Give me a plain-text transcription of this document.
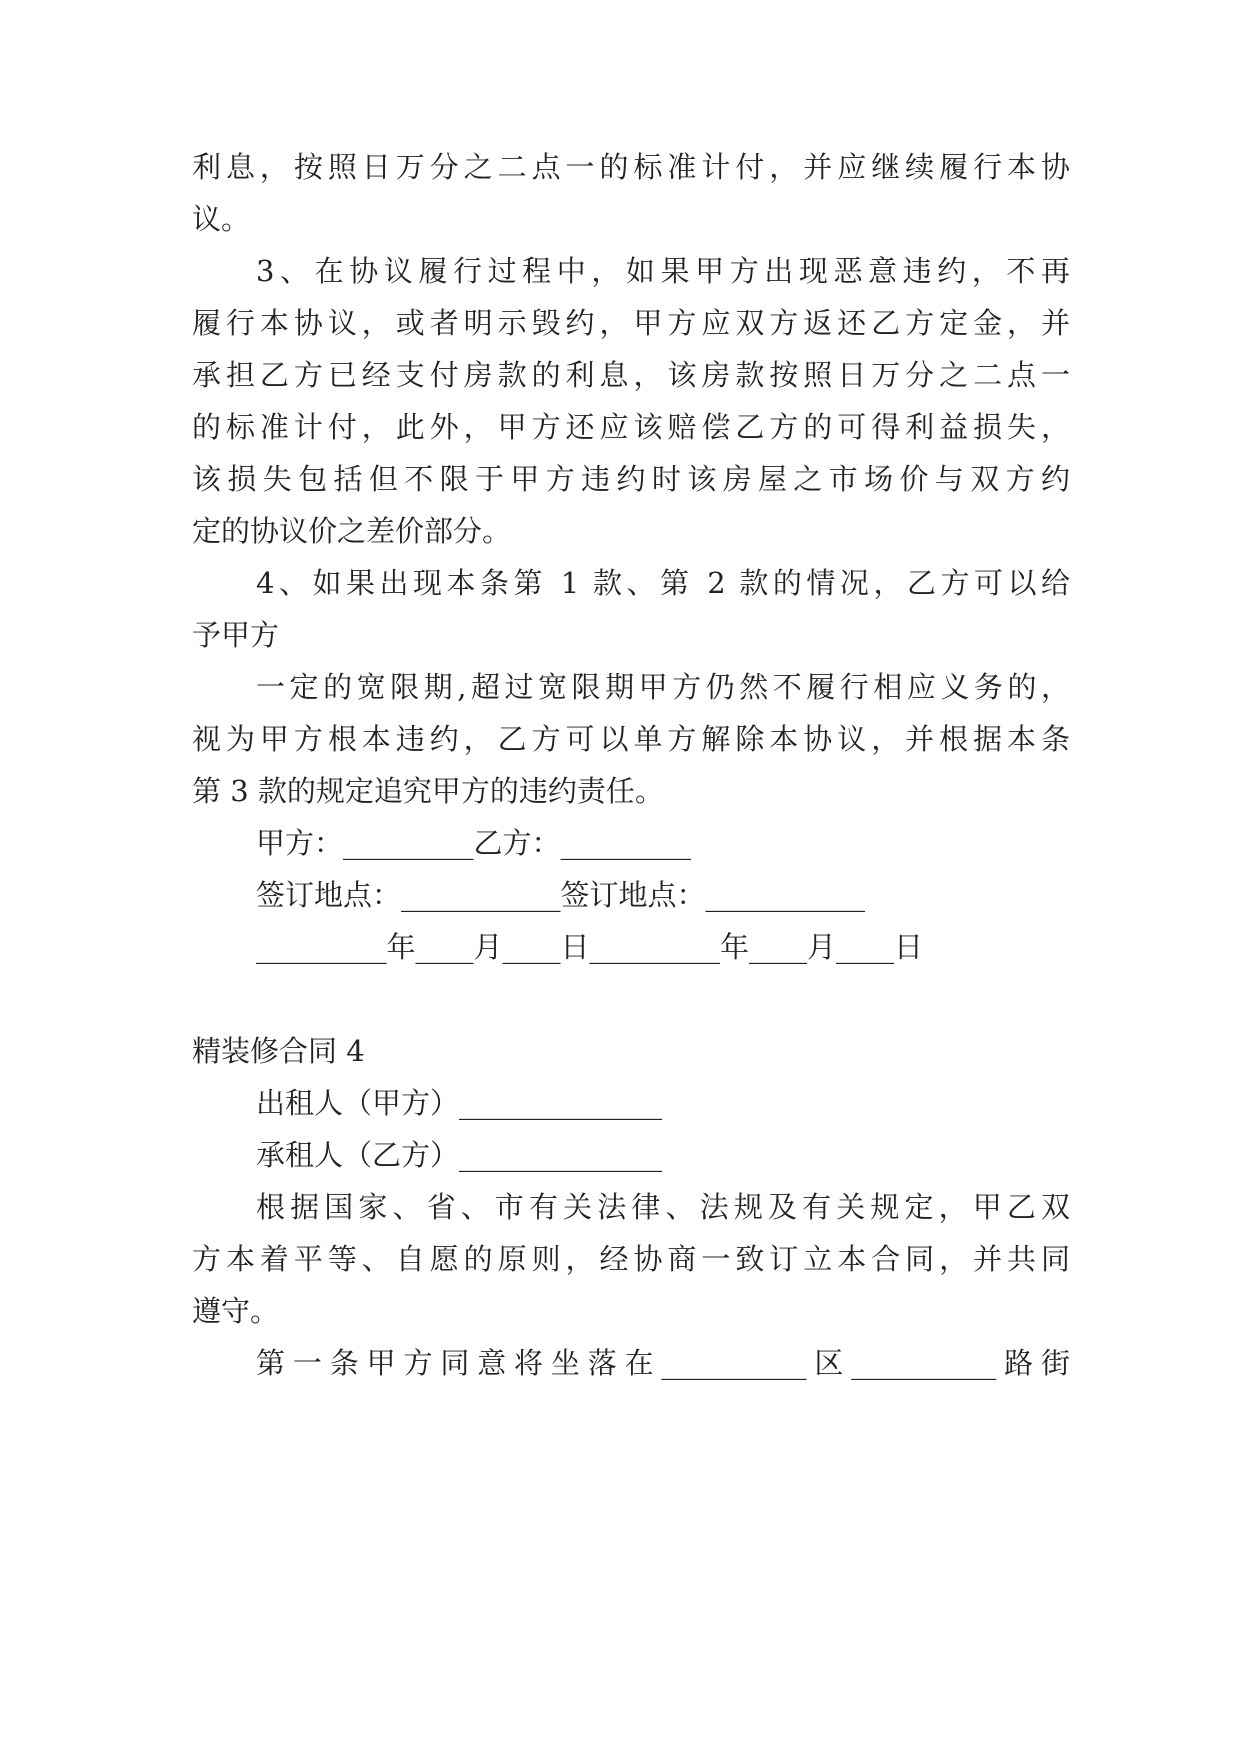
利息，按照日万分之二点一的标准计付，并应继续履行本协

议。

3、在协议履行过程中，如果甲方出现恶意违约，不再

履行本协议，或者明示毁约，甲方应双方返还乙方定金，并

承担乙方已经支付房款的利息，该房款按照日万分之二点一

的标准计付，此外，甲方还应该赔偿乙方的可得利益损失，

该损失包括但不限于甲方违约时该房屋之市场价与双方约

定的协议价之差价部分。

4、如果出现本条第 1 款、第 2 款的情况，乙方可以给

予甲方

一定的宽限期,超过宽限期甲方仍然不履行相应义务的，

视为甲方根本违约，乙方可以单方解除本协议，并根据本条

第 3 款的规定追究甲方的违约责任。

甲方：_________乙方：_________

签订地点：___________签订地点：___________

_________年____月____日_________年____月____日

精装修合同 4

出租人（甲方）______________

承租人（乙方）______________

根据国家、省、市有关法律、法规及有关规定，甲乙双

方本着平等、自愿的原则，经协商一致订立本合同，并共同

遵守。

第一条甲方同意将坐落在__________区__________路街
